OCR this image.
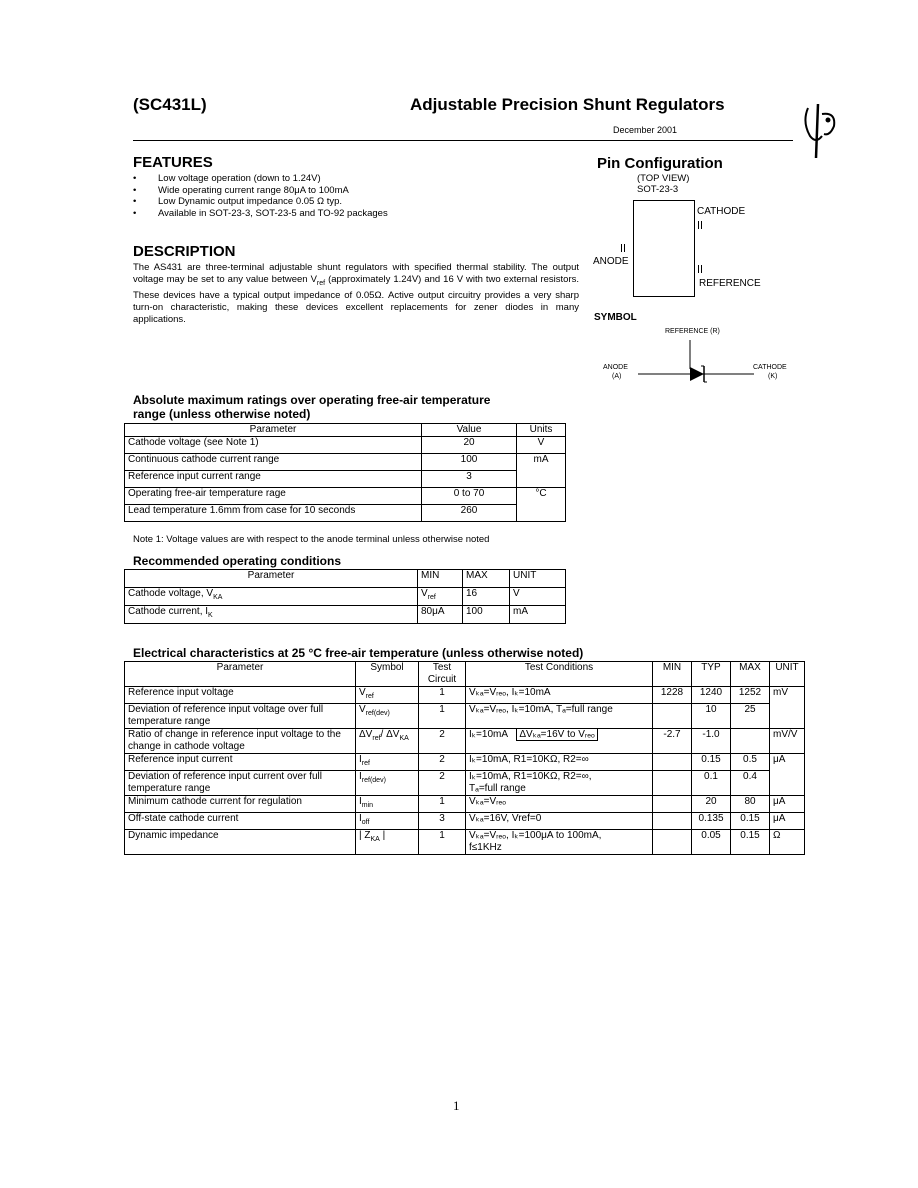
(SC431L)	Adjustable Precision Shunt Regulators
December 2001
FEATURES
• Low voltage operation (down to 1.24V)
• Wide operating current range 80μA to 100mA
• Low Dynamic output impedance 0.05 Ω typ.
• Available in SOT-23-3, SOT-23-5 and TO-92 packages
DESCRIPTION
The AS431 are three-terminal adjustable shunt regulators with specified thermal stability. The output voltage may be set to any value between $V_{ref}$ (approximately 1.24V) and 16 V with two external resistors. These devices have a typical output impedance of 0.05Ω. Active output circuitry provides a very sharp turn-on characteristic, making these devices excellent replacements for zener diodes in many applications.
Pin Configuration
(TOP VIEW)
SOT-23-3
CATHODE
ANODE
REFERENCE
SYMBOL
REFERENCE (R)
ANODE
(A)
CATHODE
(K)
Absolute maximum ratings over operating free-air temperature
range (unless otherwise noted)
Parameter	Value	Units
Cathode voltage (see Note 1)	20	V
Continuous cathode current range	100	mA
Reference input current range	3	
Operating free-air temperature rage	0 to 70	°C
Lead temperature 1.6mm from case for 10 seconds	260	
Note 1: Voltage values are with respect to the anode terminal unless otherwise noted
Recommended operating conditions
Parameter	MIN	MAX	UNIT
Cathode voltage, $V_{KA}$	$V_{ref}$	16	V
Cathode current, $I_K$	80μA	100	mA
Electrical characteristics at 25 °C free-air temperature (unless otherwise noted)
Parameter	Symbol	Test Circuit	Test Conditions	MIN	TYP	MAX	UNIT
Reference input voltage	$V_{ref}$	1	Vₖₐ=Vᵣₑₒ, Iₖ=10mA	1228	1240	1252	mV
Deviation of reference input voltage over full temperature range	$V_{ref(dev)}$	1	Vₖₐ=Vᵣₑₒ, Iₖ=10mA, Tₐ=full range		10	25	
Ratio of change in reference input voltage to the change in cathode voltage	$\Delta V_{ref}/$ $\Delta V_{KA}$	2	Iₖ=10mA ΔVₖₐ=16V to Vᵣₑₒ	-2.7	-1.0		mV/V
Reference input current	$I_{ref}$	2	Iₖ=10mA, R1=10KΩ, R2=∞		0.15	0.5	μA
Deviation of reference input current over full temperature range	$I_{ref(dev)}$	2	Iₖ=10mA, R1=10KΩ, R2=∞,
Tₐ=full range		0.1	0.4	
Minimum cathode current for regulation	$I_{min}$	1	Vₖₐ=Vᵣₑₒ		20	80	μA
Off-state cathode current	$I_{off}$	3	Vₖₐ=16V, Vref=0		0.135	0.15	μA
Dynamic impedance	| $Z_{KA}$ |	1	Vₖₐ=Vᵣₑₒ, Iₖ=100μA to 100mA,
f≤1KHz		0.05	0.15	Ω
1
